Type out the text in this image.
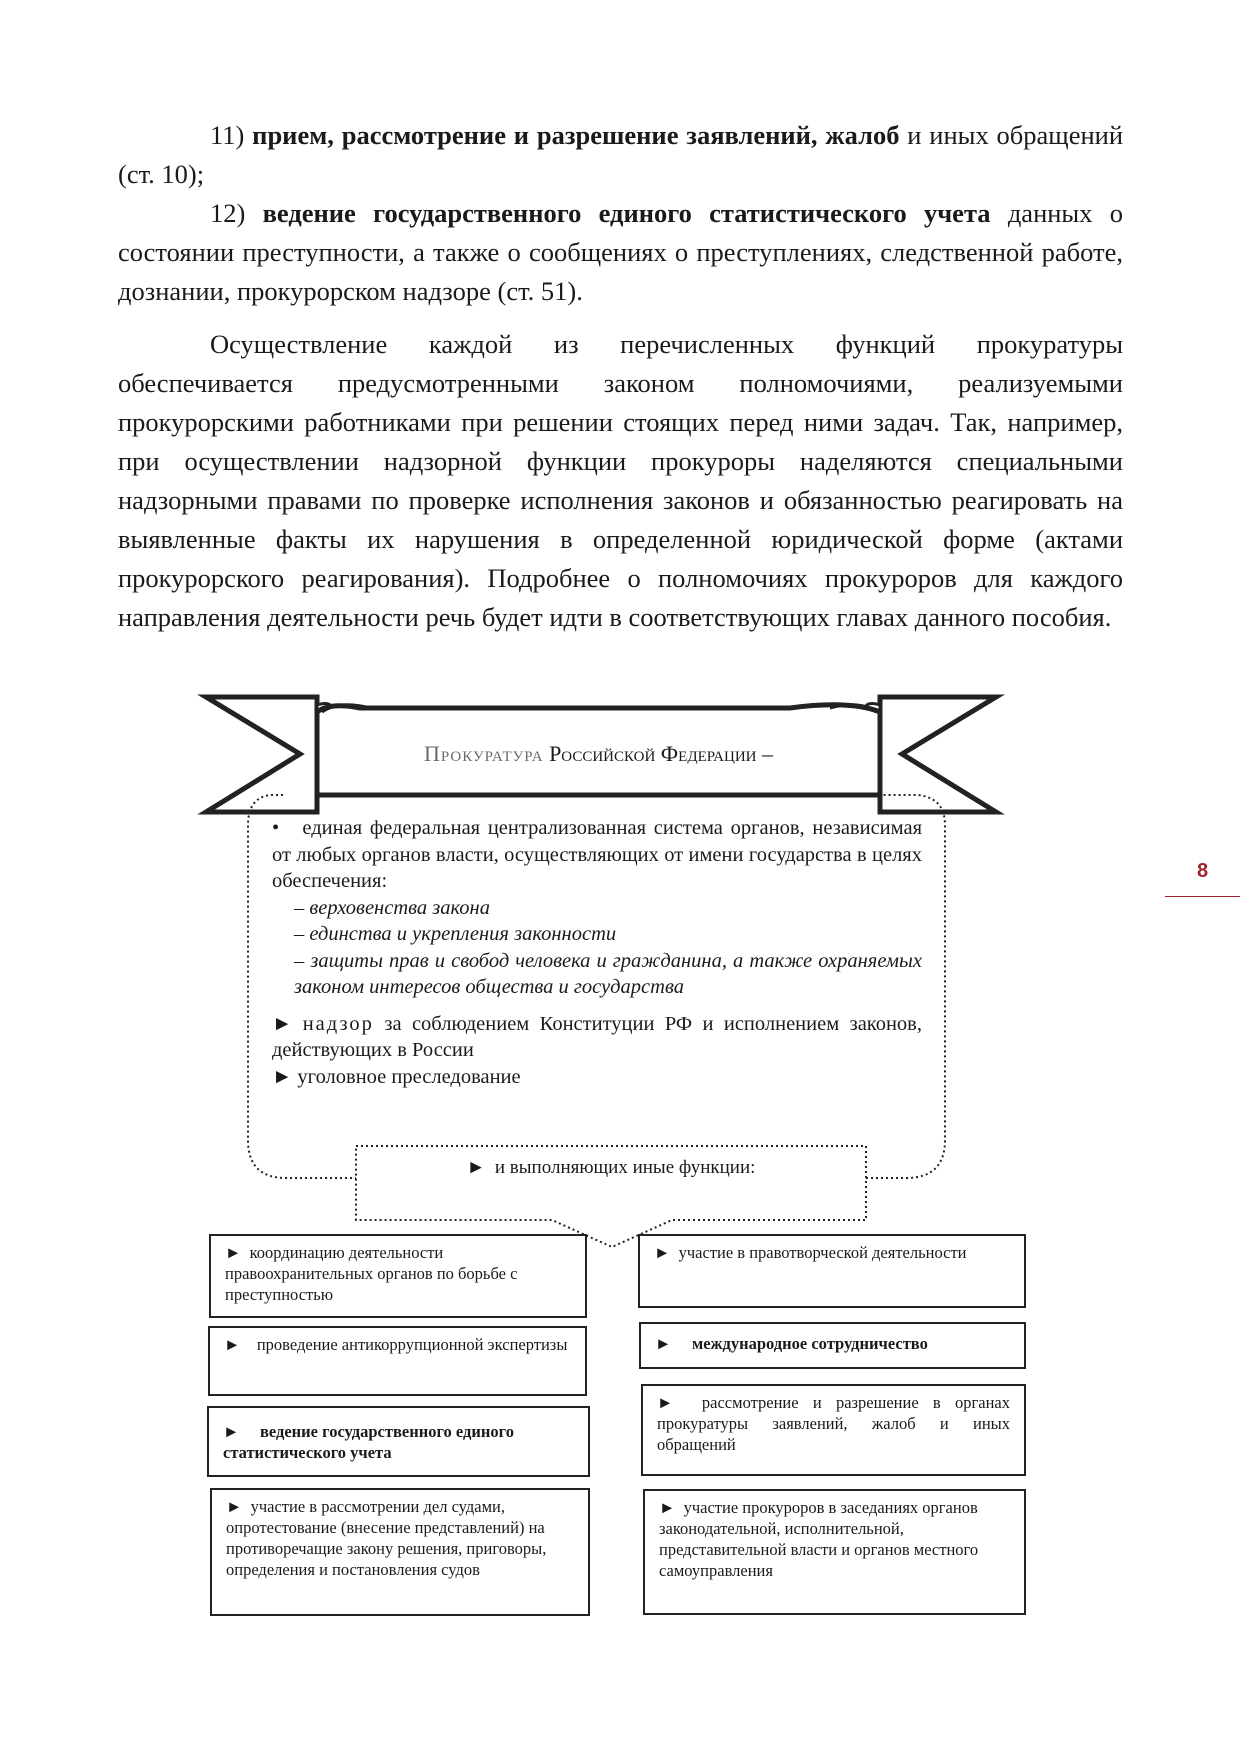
11) прием, рассмотрение и разрешение заявлений, жалоб и иных обращений (ст. 10);

12) ведение государственного единого статистического учета данных о состоянии преступности, а также о сообщениях о преступлениях, следственной работе, дознании, прокурорском надзоре (ст. 51).

Осуществление каждой из перечисленных функций прокуратуры обеспечивается предусмотренными законом полномочиями, реализуемыми прокурорскими работниками при решении стоящих перед ними задач. Так, например, при осуществлении надзорной функции прокуроры наделяются специальными надзорными правами по проверке исполнения законов и обязанностью реагировать на выявленные факты их нарушения в определенной юридической форме (актами прокурорского реагирования). Подробнее о полномочиях прокуроров для каждого направления деятельности речь будет идти в соответствующих главах данного пособия.

8
Прокуратура Российской Федерации –

• единая федеральная централизованная система органов, независимая от любых органов власти, осуществляющих от имени государства в целях обеспечения:

– верховенства закона

– единства и укрепления законности

– защиты прав и свобод человека и гражданина, а также охраняемых законом интересов общества и государства

► надзор за соблюдением Конституции РФ и исполнением законов, действующих в России

► уголовное преследование

► и выполняющих иные функции:
► координацию деятельности правоохранительных органов по борьбе с преступностью
► проведение антикоррупционной экспертизы
► ведение государственного единого статистического учета
► участие в рассмотрении дел судами, опротестование (внесение представлений) на противоречащие закону решения, приговоры, определения и постановления судов
► участие в правотворческой деятельности
► международное сотрудничество
► рассмотрение и разрешение в органах прокуратуры заявлений, жалоб и иных обращений
► участие прокуроров в заседаниях органов законодательной, исполнительной, представительной власти и органов местного самоуправления
